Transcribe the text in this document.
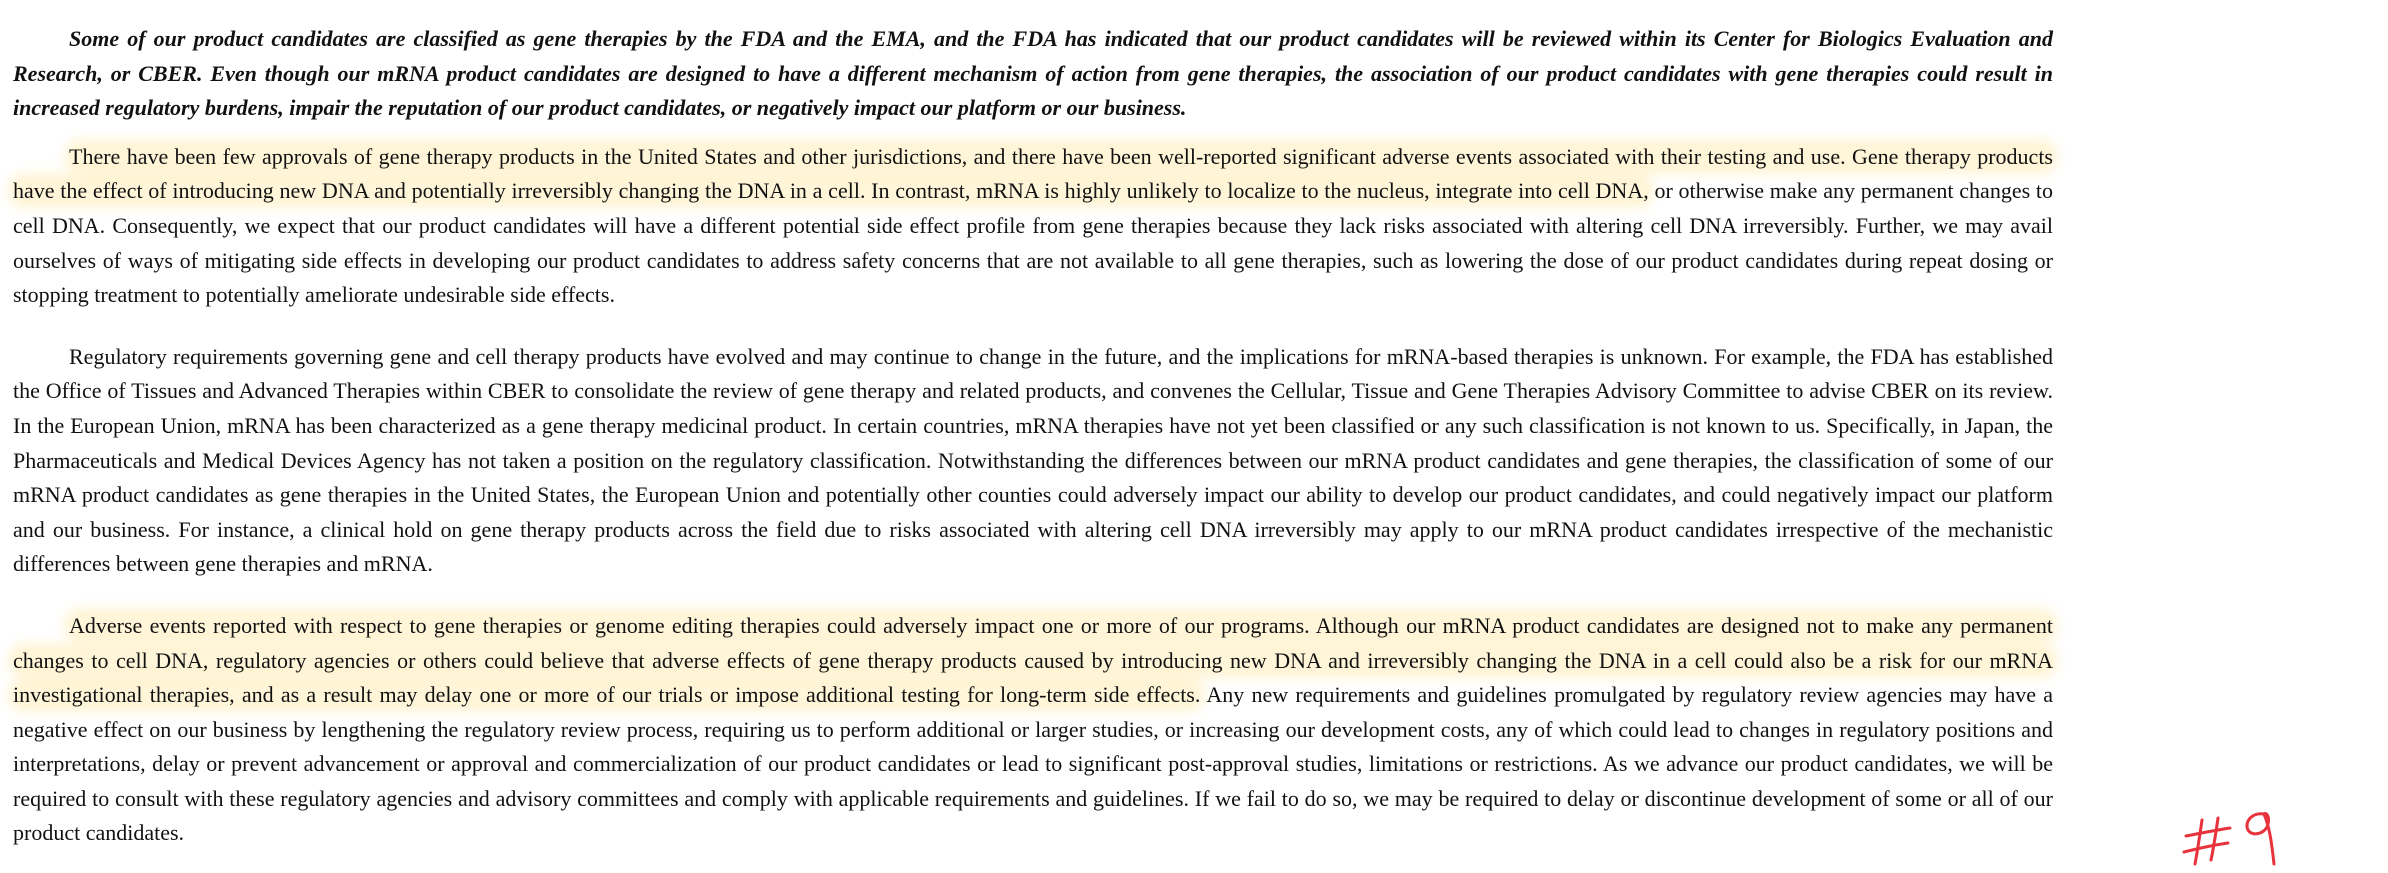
Some of our product candidates are classified as gene therapies by the FDA and the EMA, and the FDA has indicated that our product candidates will be reviewed within its Center for Biologics Evaluation and Research, or CBER. Even though our mRNA product candidates are designed to have a different mechanism of action from gene therapies, the association of our product candidates with gene therapies could result in increased regulatory burdens, impair the reputation of our product candidates, or negatively impact our platform or our business.

There have been few approvals of gene therapy products in the United States and other jurisdictions, and there have been well-reported significant adverse events associated with their testing and use. Gene therapy products have the effect of introducing new DNA and potentially irreversibly changing the DNA in a cell. In contrast, mRNA is highly unlikely to localize to the nucleus, integrate into cell DNA, or otherwise make any permanent changes to cell DNA. Consequently, we expect that our product candidates will have a different potential side effect profile from gene therapies because they lack risks associated with altering cell DNA irreversibly. Further, we may avail ourselves of ways of mitigating side effects in developing our product candidates to address safety concerns that are not available to all gene therapies, such as lowering the dose of our product candidates during repeat dosing or stopping treatment to potentially ameliorate undesirable side effects.

Regulatory requirements governing gene and cell therapy products have evolved and may continue to change in the future, and the implications for mRNA-based therapies is unknown. For example, the FDA has established the Office of Tissues and Advanced Therapies within CBER to consolidate the review of gene therapy and related products, and convenes the Cellular, Tissue and Gene Therapies Advisory Committee to advise CBER on its review. In the European Union, mRNA has been characterized as a gene therapy medicinal product. In certain countries, mRNA therapies have not yet been classified or any such classification is not known to us. Specifically, in Japan, the Pharmaceuticals and Medical Devices Agency has not taken a position on the regulatory classification. Notwithstanding the differences between our mRNA product candidates and gene therapies, the classification of some of our mRNA product candidates as gene therapies in the United States, the European Union and potentially other counties could adversely impact our ability to develop our product candidates, and could negatively impact our platform and our business. For instance, a clinical hold on gene therapy products across the field due to risks associated with altering cell DNA irreversibly may apply to our mRNA product candidates irrespective of the mechanistic differences between gene therapies and mRNA.

Adverse events reported with respect to gene therapies or genome editing therapies could adversely impact one or more of our programs. Although our mRNA product candidates are designed not to make any permanent changes to cell DNA, regulatory agencies or others could believe that adverse effects of gene therapy products caused by introducing new DNA and irreversibly changing the DNA in a cell could also be a risk for our mRNA investigational therapies, and as a result may delay one or more of our trials or impose additional testing for long-term side effects. Any new requirements and guidelines promulgated by regulatory review agencies may have a negative effect on our business by lengthening the regulatory review process, requiring us to perform additional or larger studies, or increasing our development costs, any of which could lead to changes in regulatory positions and interpretations, delay or prevent advancement or approval and commercialization of our product candidates or lead to significant post-approval studies, limitations or restrictions. As we advance our product candidates, we will be required to consult with these regulatory agencies and advisory committees and comply with applicable requirements and guidelines. If we fail to do so, we may be required to delay or discontinue development of some or all of our product candidates.
